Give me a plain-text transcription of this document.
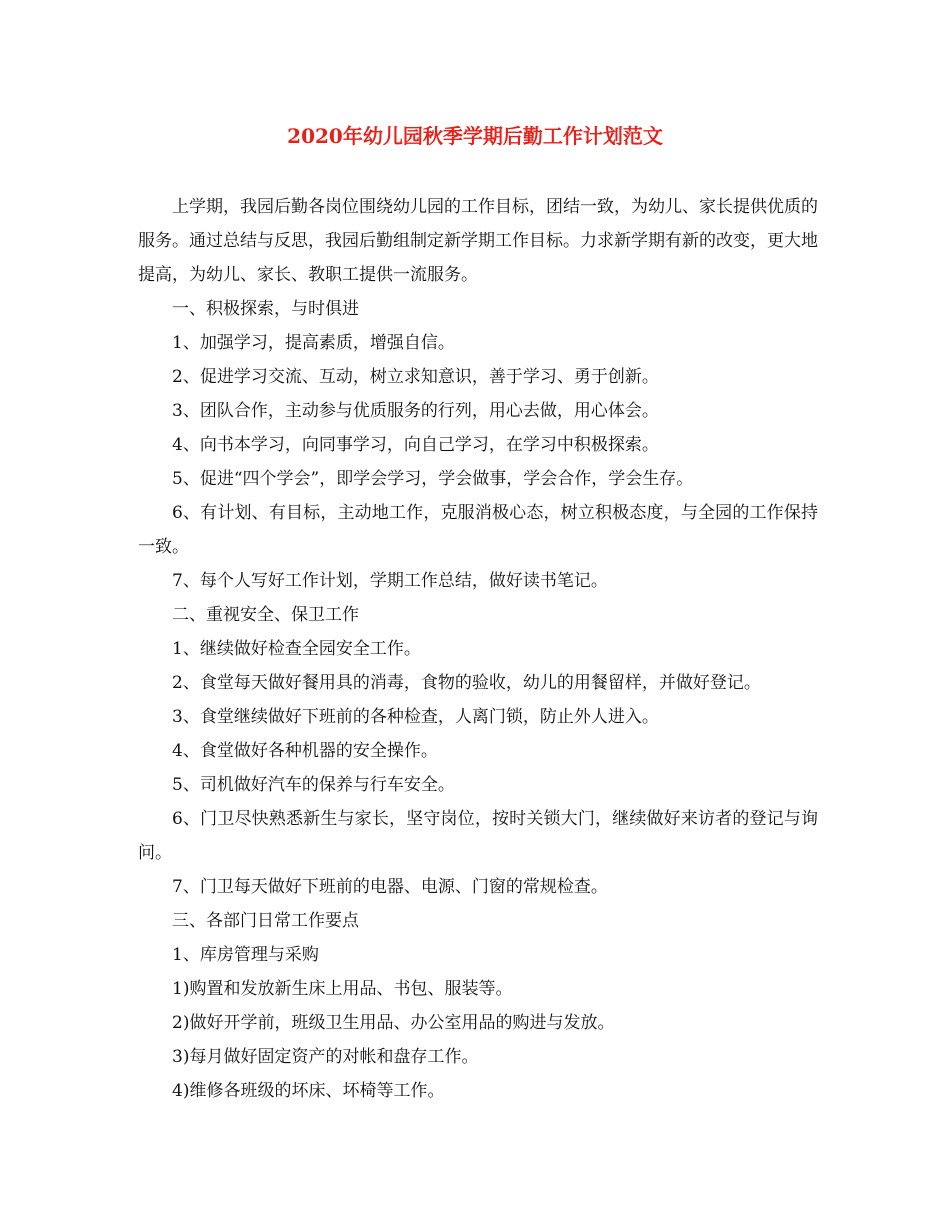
2020年幼儿园秋季学期后勤工作计划范文

上学期，我园后勤各岗位围绕幼儿园的工作目标，团结一致，为幼儿、家长提供优质的服务。通过总结与反思，我园后勤组制定新学期工作目标。力求新学期有新的改变，更大地提高，为幼儿、家长、教职工提供一流服务。

一、积极探索，与时俱进

1、加强学习，提高素质，增强自信。

2、促进学习交流、互动，树立求知意识，善于学习、勇于创新。

3、团队合作，主动参与优质服务的行列，用心去做，用心体会。

4、向书本学习，向同事学习，向自己学习，在学习中积极探索。

5、促进“四个学会”，即学会学习，学会做事，学会合作，学会生存。

6、有计划、有目标，主动地工作，克服消极心态，树立积极态度，与全园的工作保持一致。

7、每个人写好工作计划，学期工作总结，做好读书笔记。

二、重视安全、保卫工作

1、继续做好检查全园安全工作。

2、食堂每天做好餐用具的消毒，食物的验收，幼儿的用餐留样，并做好登记。

3、食堂继续做好下班前的各种检查，人离门锁，防止外人进入。

4、食堂做好各种机器的安全操作。

5、司机做好汽车的保养与行车安全。

6、门卫尽快熟悉新生与家长，坚守岗位，按时关锁大门，继续做好来访者的登记与询问。

7、门卫每天做好下班前的电器、电源、门窗的常规检查。

三、各部门日常工作要点

1、库房管理与采购

1)购置和发放新生床上用品、书包、服装等。

2)做好开学前，班级卫生用品、办公室用品的购进与发放。

3)每月做好固定资产的对帐和盘存工作。

4)维修各班级的坏床、坏椅等工作。
